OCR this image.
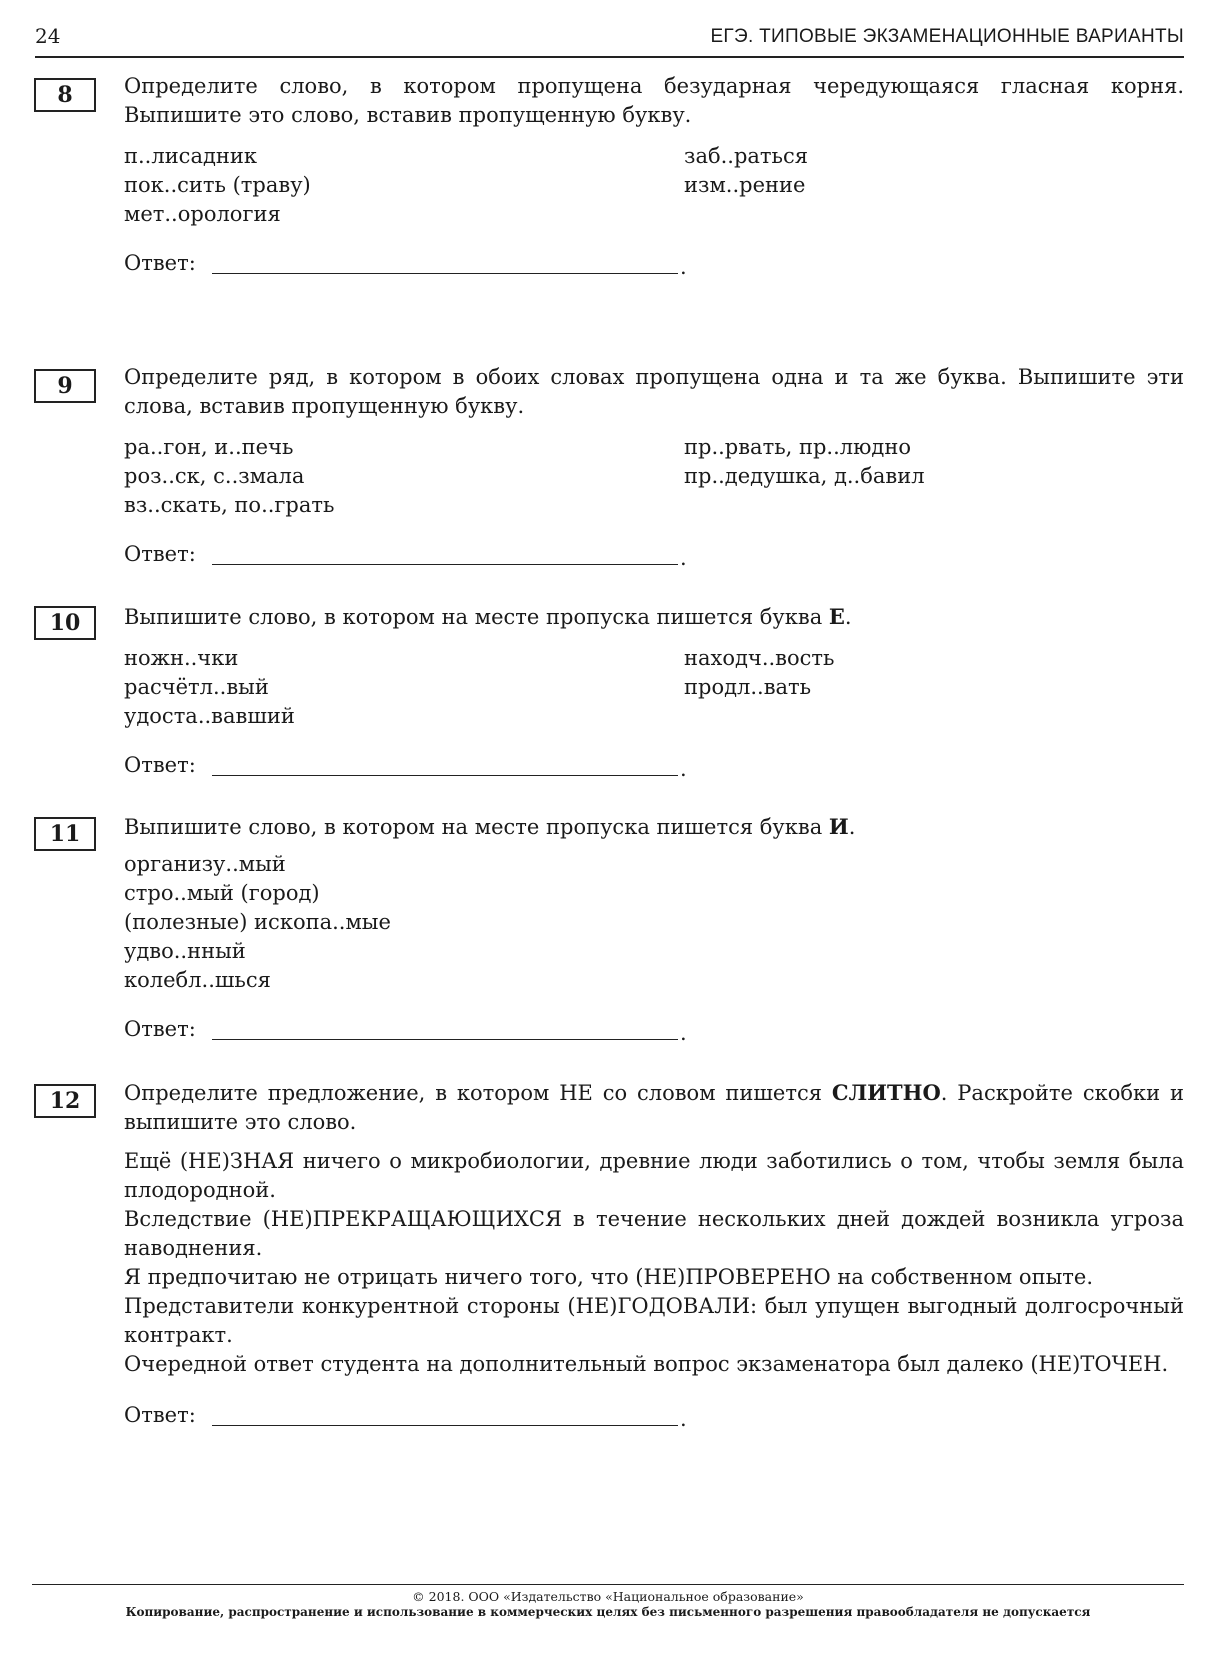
24	ЕГЭ. ТИПОВЫЕ ЭКЗАМЕНАЦИОННЫЕ ВАРИАНТЫ
8	Определите слово, в котором пропущена безударная чередующаяся гласная корня. Выпишите это слово, вставив пропущенную букву.
п..лисадник
пок..сить (траву)
мет..орология
заб..раться
изм..рение
Ответ:	.
9	Определите ряд, в котором в обоих словах пропущена одна и та же буква. Выпишите эти слова, вставив пропущенную букву.
ра..гон, и..печь
роз..ск, с..змала
вз..скать, по..грать
пр..рвать, пр..людно
пр..дедушка, д..бавил
Ответ:	.
10	Выпишите слово, в котором на месте пропуска пишется буква Е.
ножн..чки
расчётл..вый
удоста..вавший
находч..вость
продл..вать
Ответ:	.
11	Выпишите слово, в котором на месте пропуска пишется буква И.
организу..мый
стро..мый (город)
(полезные) ископа..мые
удво..нный
колебл..шься
Ответ:	.
12	Определите предложение, в котором НЕ со словом пишется СЛИТНО. Раскройте скобки и выпишите это слово.
Ещё (НЕ)ЗНАЯ ничего о микробиологии, древние люди заботились о том, чтобы земля была плодородной.
Вследствие (НЕ)ПРЕКРАЩАЮЩИХСЯ в течение нескольких дней дождей возникла угроза наводнения.
Я предпочитаю не отрицать ничего того, что (НЕ)ПРОВЕРЕНО на собственном опыте.
Представители конкурентной стороны (НЕ)ГОДОВАЛИ: был упущен выгодный долгосрочный контракт.
Очередной ответ студента на дополнительный вопрос экзаменатора был далеко (НЕ)ТОЧЕН.
Ответ:	.
© 2018. ООО «Издательство «Национальное образование»
Копирование, распространение и использование в коммерческих целях без письменного разрешения правообладателя не допускается
